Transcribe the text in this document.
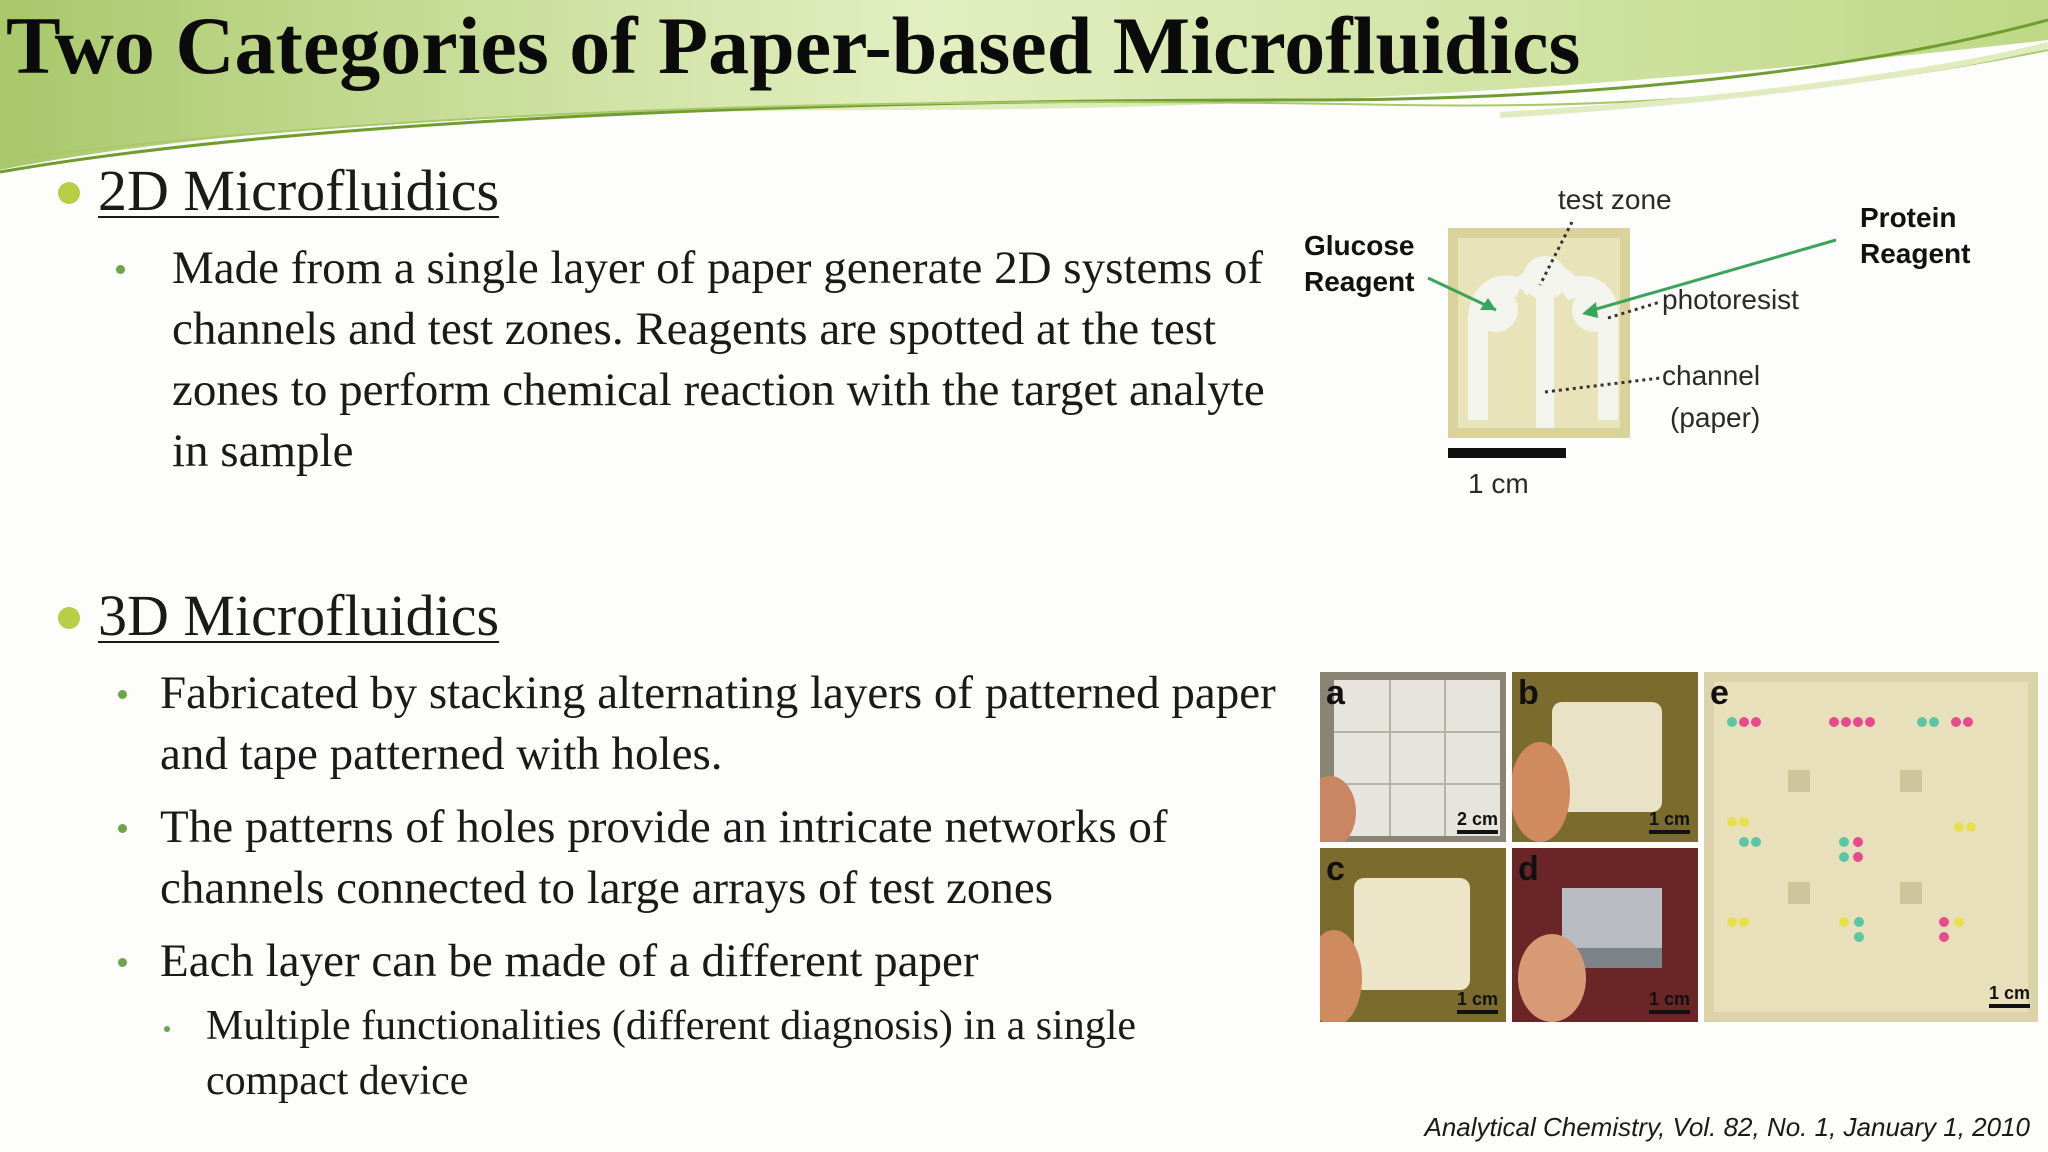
Two Categories of Paper-based Microfluidics
2D Microfluidics
Made from a single layer of paper generate 2D systems of channels and test zones. Reagents are spotted at the test zones to perform chemical reaction with the target analyte in sample
3D Microfluidics
Fabricated by stacking alternating layers of patterned paper and tape patterned with holes.
The patterns of holes provide an intricate networks of channels connected to large arrays of test zones
Each layer can be made of a different paper
Multiple functionalities (different diagnosis) in a single compact device
test zone
Glucose
Reagent
Protein
Reagent
photoresist
channel
(paper)
1 cm
a
2 cm
b
1 cm
c
1 cm
d
1 cm
e
1 cm
Analytical Chemistry, Vol. 82, No. 1, January 1, 2010
